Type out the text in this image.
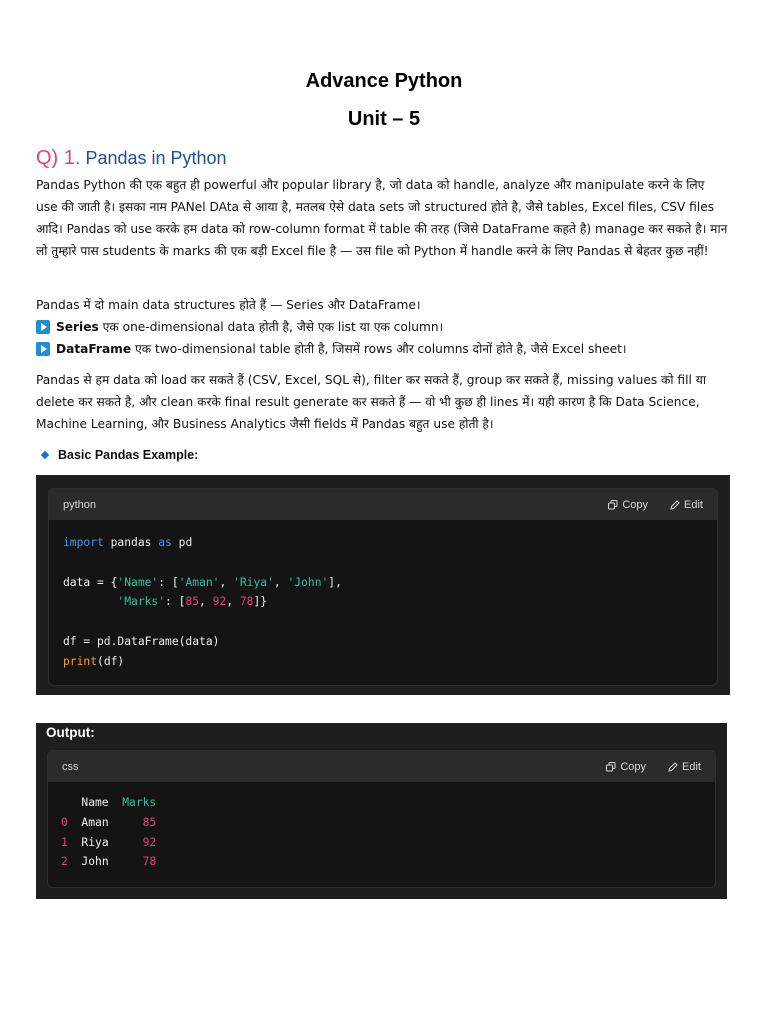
Advance Python
Unit – 5
Q) 1. Pandas in Python
Pandas Python की एक बहुत ही powerful और popular library है, जो data को handle, analyze और manipulate करने के लिए use की जाती है। इसका नाम PANel DAta से आया है, मतलब ऐसे data sets जो structured होते है, जैसे tables, Excel files, CSV files आदि। Pandas को use करके हम data को row-column format में table की तरह (जिसे DataFrame कहते है) manage कर सकते है। मान लो तुम्हारे पास students के marks की एक बड़ी Excel file है — उस file को Python में handle करने के लिए Pandas से बेहतर कुछ नहीं!
Pandas में दो main data structures होते हैं — Series और DataFrame।
Series एक one-dimensional data होती है, जैसे एक list या एक column।
DataFrame एक two-dimensional table होती है, जिसमें rows और columns दोनों होते है, जैसे Excel sheet।
Pandas से हम data को load कर सकते हैं (CSV, Excel, SQL से), filter कर सकते हैं, group कर सकते हैं, missing values को fill या delete कर सकते है, और clean करके final result generate कर सकते हैं — वो भी कुछ ही lines में। यही कारण है कि Data Science, Machine Learning, और Business Analytics जैसी fields में Pandas बहुत use होती है।
Basic Pandas Example:
python	Copy	Edit
import pandas as pd

data = {'Name': ['Aman', 'Riya', 'John'],
'Marks': [85, 92, 78]}

df = pd.DataFrame(data)
print(df)
Output:
css	Copy	Edit
Name  Marks
0  Aman     85
1  Riya     92
2  John     78
